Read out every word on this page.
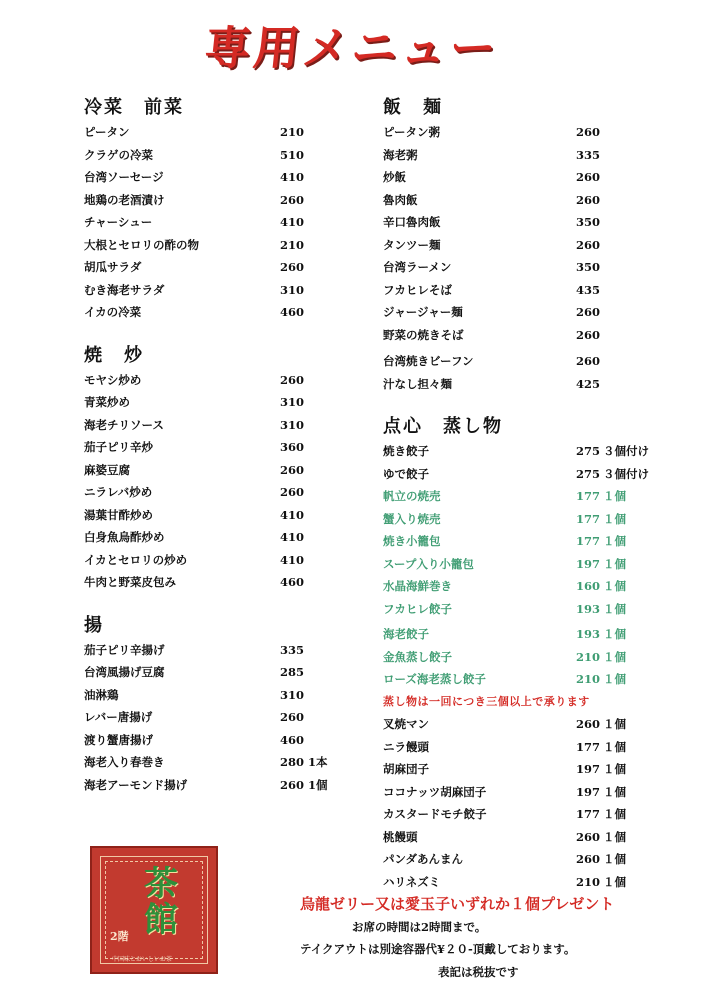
専用メニュー
冷菜　前菜
ピータン	210
クラゲの冷菜	510
台湾ソーセージ	410
地鶏の老酒漬け	260
チャーシュー	410
大根とセロリの酢の物	210
胡瓜サラダ	260
むき海老サラダ	310
イカの冷菜	460
焼　炒
モヤシ炒め	260
青菜炒め	310
海老チリソース	310
茄子ピリ辛炒	360
麻婆豆腐	260
ニラレバ炒め	260
湯葉甘酢炒め	410
白身魚烏酢炒め	410
イカとセロリの炒め	410
牛肉と野菜皮包み	460
揚
茄子ピリ辛揚げ	335
台湾風揚げ豆腐	285
油淋鶏	310
レバー唐揚げ	260
渡り蟹唐揚げ	460
海老入り春巻き	280 1本
海老アーモンド揚げ	260 1個
飯　麺
ピータン粥	260
海老粥	335
炒飯	260
魯肉飯	260
辛口魯肉飯	350
タンツー麺	260
台湾ラーメン	350
フカヒレそば	435
ジャージャー麺	260
野菜の焼きそば	260
台湾焼きビーフン	260
汁なし担々麺	425
点心　蒸し物
焼き餃子	275 ３個付け
ゆで餃子	275 ３個付け
帆立の焼売	177 １個
蟹入り焼売	177 １個
焼き小籠包	177 １個
スープ入り小籠包	197 １個
水晶海鮮巻き	160 １個
フカヒレ餃子	193 １個
海老餃子	193 １個
金魚蒸し餃子	210 １個
ローズ海老蒸し餃子	210 １個
蒸し物は一回につき三個以上で承ります
叉焼マン	260 １個
ニラ饅頭	177 １個
胡麻団子	197 １個
ココナッツ胡麻団子	197 １個
カスタードモチ餃子	177 １個
桃饅頭	260 １個
パンダあんまん	260 １個
ハリネズミ	210 １個
茶館
2階
中国味とおいしいお茶
烏龍ゼリー又は愛玉子いずれか１個プレゼント
お席の時間は2時間まで。
テイクアウトは別途容器代¥２０-頂戴しております。
表記は税抜です
